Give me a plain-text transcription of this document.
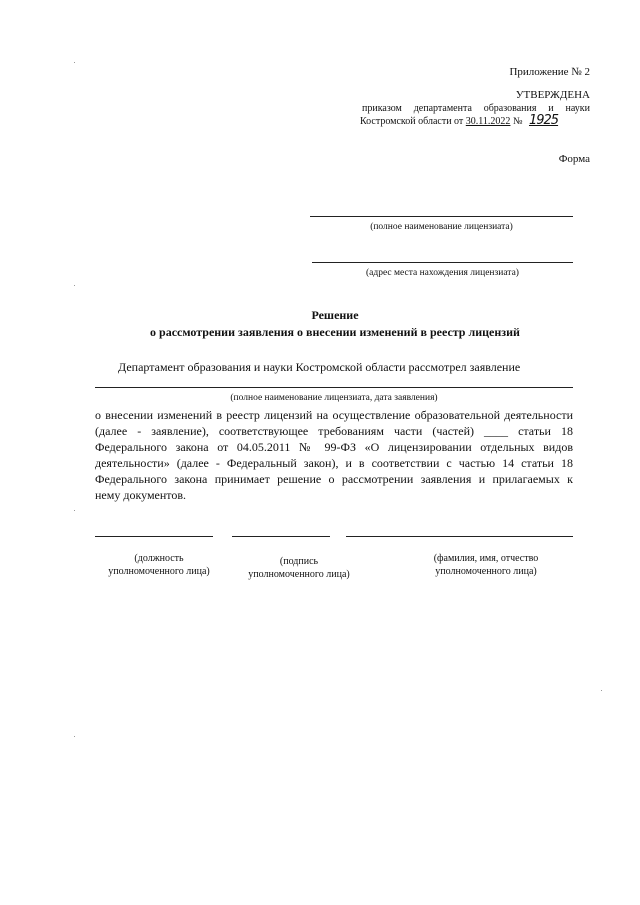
Приложение № 2
УТВЕРЖДЕНА
приказом департамента образования и науки
Костромской области от 30.11.2022 № 1925
Форма
(полное наименование лицензиата)
(адрес места нахождения лицензиата)
Решение
о рассмотрении заявления о внесении изменений в реестр лицензий
Департамент образования и науки Костромской области рассмотрел заявление
(полное наименование лицензиата, дата заявления)
о внесении изменений в реестр лицензий на осуществление образовательной деятельности
(далее - заявление), соответствующее требованиям части (частей) ____ статьи 18
Федерального закона от 04.05.2011 № 99-ФЗ «О лицензировании отдельных видов
деятельности» (далее - Федеральный закон), и в соответствии с частью 14 статьи 18
Федерального закона принимает решение о рассмотрении заявления и прилагаемых к
нему документов.
(должность
уполномоченного лица)
(подпись
уполномоченного лица)
(фамилия, имя, отчество
уполномоченного лица)
